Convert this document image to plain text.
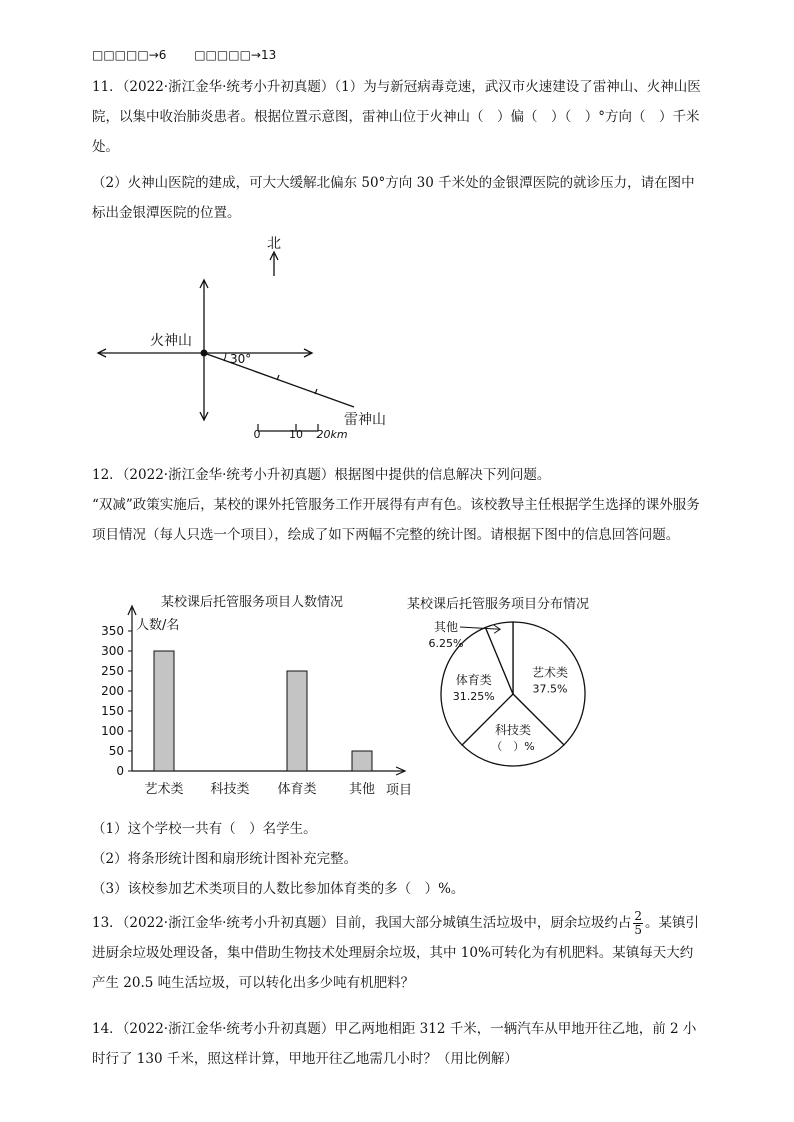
□□□□□→6 □□□□□→13

11．（2022·浙江金华·统考小升初真题）（1）为与新冠病毒竞速，武汉市火速建设了雷神山、火神山医院，以集中收治肺炎患者。根据位置示意图，雷神山位于火神山（　）偏（　）（　）°方向（　）千米处。

（2）火神山医院的建成，可大大缓解北偏东 50°方向 30 千米处的金银潭医院的就诊压力，请在图中标出金银潭医院的位置。

北
火神山
30°
雷神山
0	10 20km

12．（2022·浙江金华·统考小升初真题）根据图中提供的信息解决下列问题。

“双减”政策实施后，某校的课外托管服务工作开展得有声有色。该校教导主任根据学生选择的课外服务项目情况（每人只选一个项目），绘成了如下两幅不完整的统计图。请根据下图中的信息回答问题。

某校课后托管服务项目人数情况
人数/名
项目
0
50
100
150
200
250
300
350
艺术类 科技类 体育类 其他
某校课后托管服务项目分布情况
艺术类
37.5%
科技类
（　）%
体育类
31.25%
其他
6.25%

（1）这个学校一共有（　）名学生。

（2）将条形统计图和扇形统计图补充完整。

（3）该校参加艺术类项目的人数比参加体育类的多（　）%。

13．（2022·浙江金华·统考小升初真题）目前，我国大部分城镇生活垃圾中，厨余垃圾约占 $\frac{2}{5}$ 。某镇引进厨余垃圾处理设备，集中借助生物技术处理厨余垃圾，其中 10%可转化为有机肥料。某镇每天大约产生 20.5 吨生活垃圾，可以转化出多少吨有机肥料？

14．（2022·浙江金华·统考小升初真题）甲乙两地相距 312 千米，一辆汽车从甲地开往乙地，前 2 小时行了 130 千米，照这样计算，甲地开往乙地需几小时？（用比例解）
